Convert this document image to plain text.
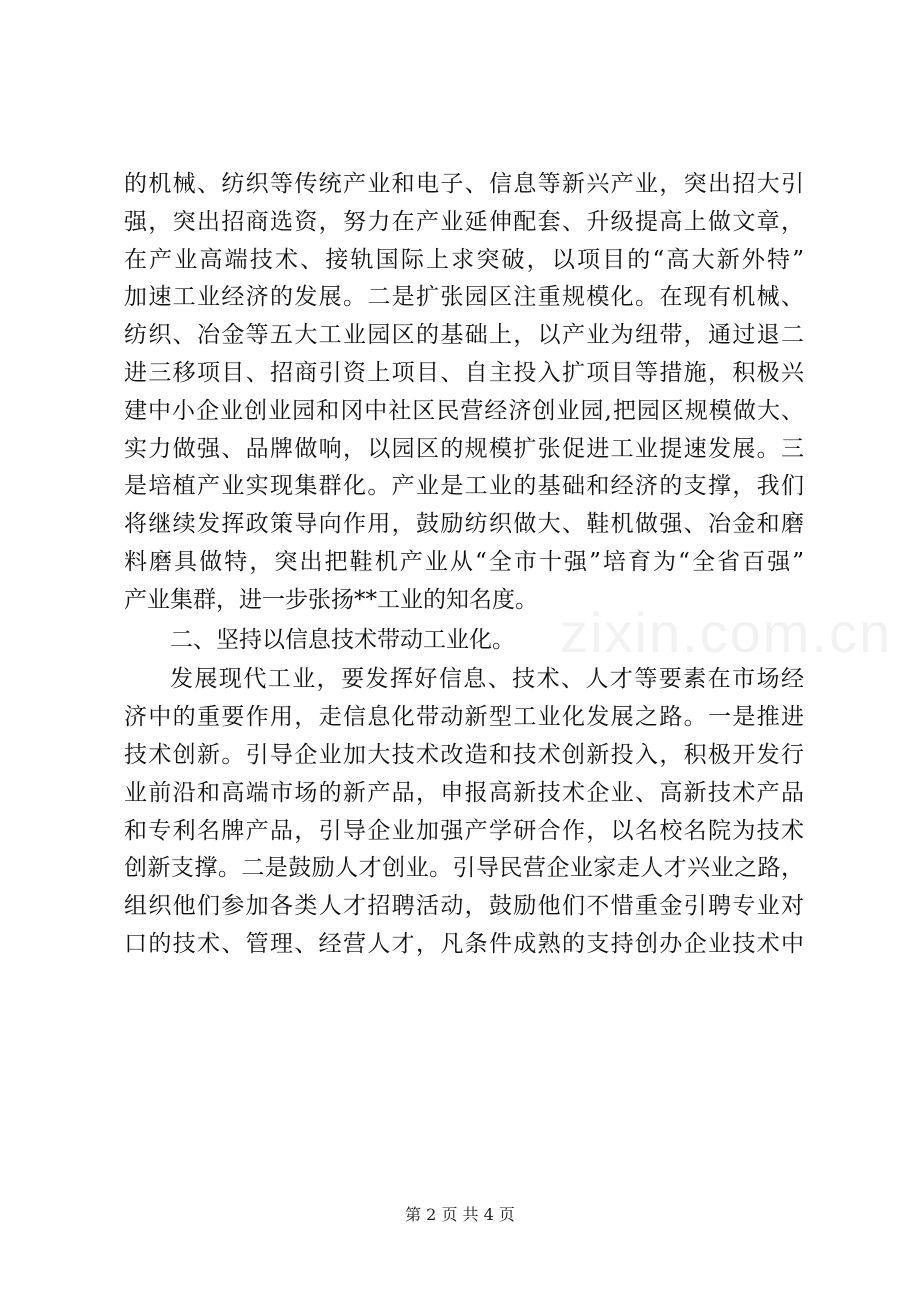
zixin.com.cn
的机械、纺织等传统产业和电子、信息等新兴产业，突出招大引
强，突出招商选资，努力在产业延伸配套、升级提高上做文章，
在产业高端技术、接轨国际上求突破，以项目的“高大新外特”
加速工业经济的发展。二是扩张园区注重规模化。在现有机械、
纺织、冶金等五大工业园区的基础上，以产业为纽带，通过退二
进三移项目、招商引资上项目、自主投入扩项目等措施，积极兴
建中小企业创业园和冈中社区民营经济创业园,把园区规模做大、
实力做强、品牌做响，以园区的规模扩张促进工业提速发展。三
是培植产业实现集群化。产业是工业的基础和经济的支撑，我们
将继续发挥政策导向作用，鼓励纺织做大、鞋机做强、冶金和磨
料磨具做特，突出把鞋机产业从“全市十强”培育为“全省百强”
产业集群，进一步张扬**工业的知名度。
二、坚持以信息技术带动工业化。
发展现代工业，要发挥好信息、技术、人才等要素在市场经
济中的重要作用，走信息化带动新型工业化发展之路。一是推进
技术创新。引导企业加大技术改造和技术创新投入，积极开发行
业前沿和高端市场的新产品，申报高新技术企业、高新技术产品
和专利名牌产品，引导企业加强产学研合作，以名校名院为技术
创新支撑。二是鼓励人才创业。引导民营企业家走人才兴业之路，
组织他们参加各类人才招聘活动，鼓励他们不惜重金引聘专业对
口的技术、管理、经营人才，凡条件成熟的支持创办企业技术中
第 2 页 共 4 页
